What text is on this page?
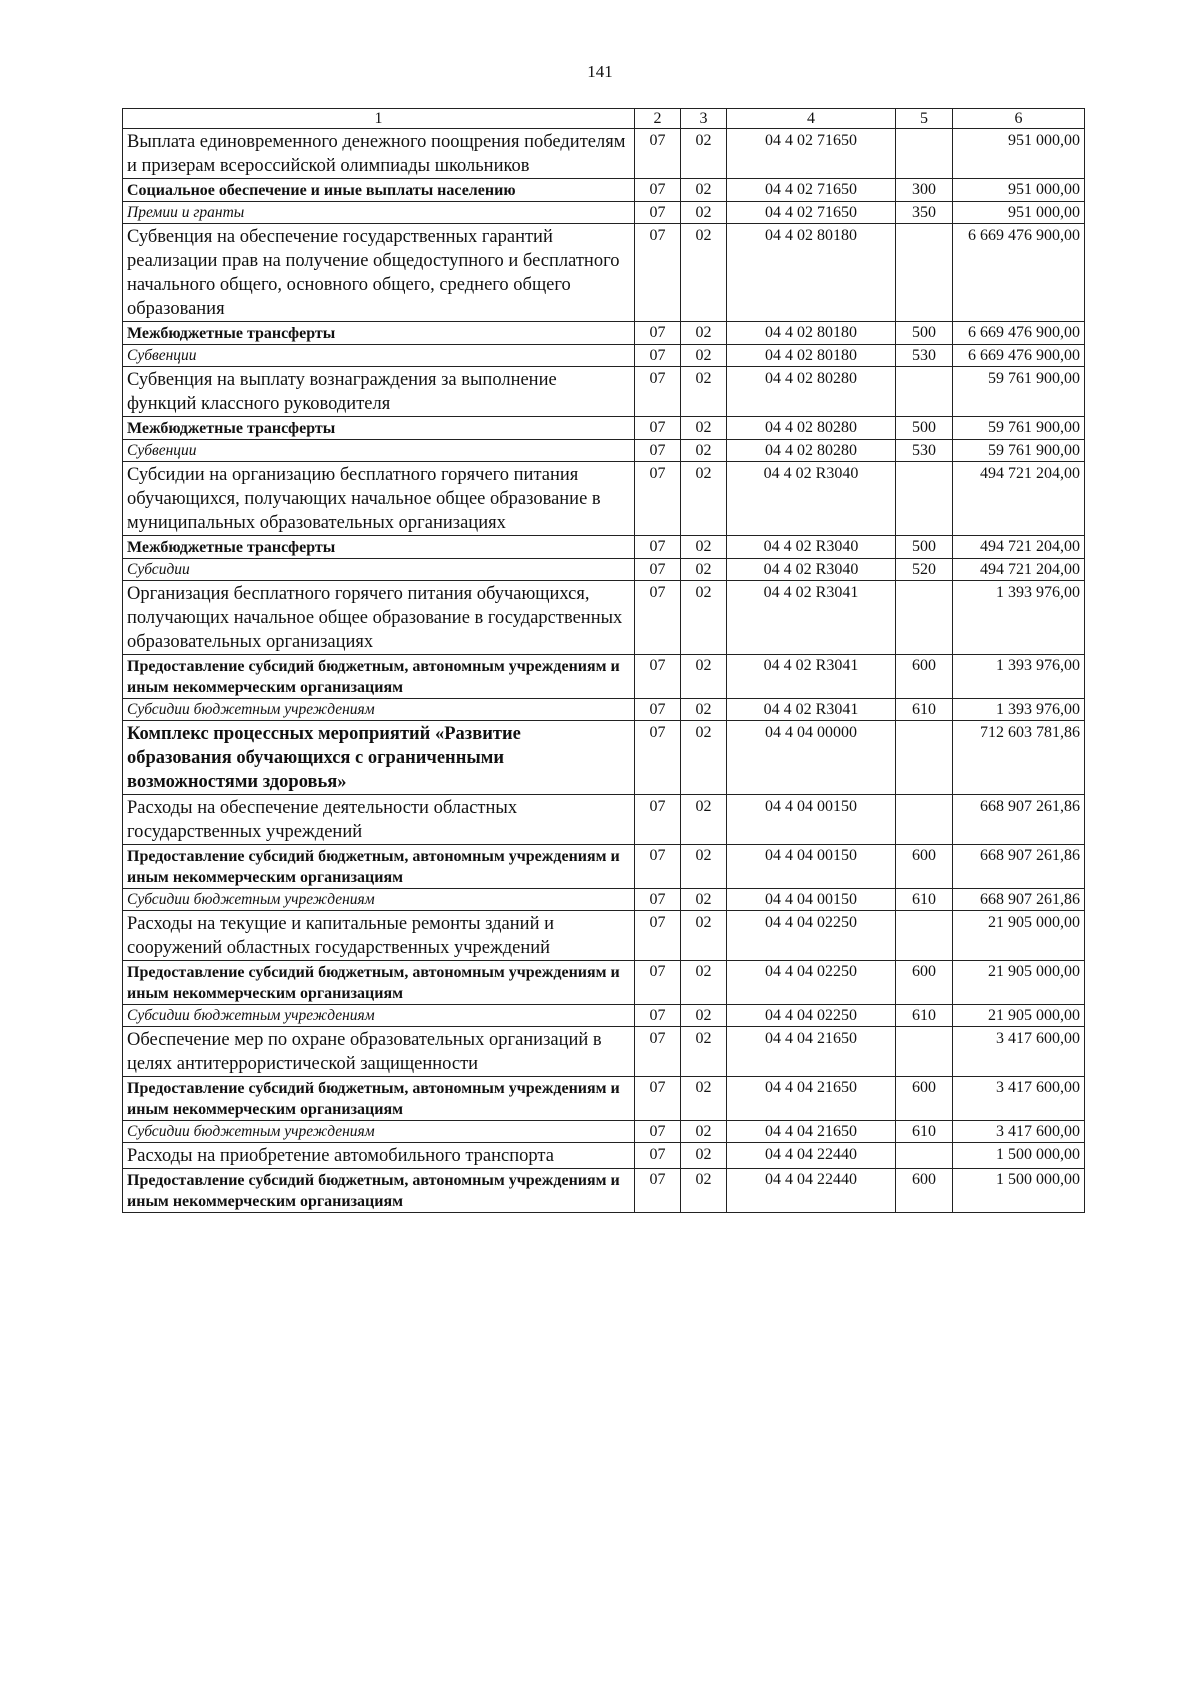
141
1	2	3	4	5	6
Выплата единовременного денежного поощрения победителям и призерам всероссийской олимпиады школьников	07	02	04 4 02 71650		951 000,00
Социальное обеспечение и иные выплаты населению	07	02	04 4 02 71650	300	951 000,00
Премии и гранты	07	02	04 4 02 71650	350	951 000,00
Субвенция на обеспечение государственных гарантий реализации прав на получение общедоступного и бесплатного начального общего, основного общего, среднего общего образования	07	02	04 4 02 80180		6 669 476 900,00
Межбюджетные трансферты	07	02	04 4 02 80180	500	6 669 476 900,00
Субвенции	07	02	04 4 02 80180	530	6 669 476 900,00
Субвенция на выплату вознаграждения за выполнение функций классного руководителя	07	02	04 4 02 80280		59 761 900,00
Межбюджетные трансферты	07	02	04 4 02 80280	500	59 761 900,00
Субвенции	07	02	04 4 02 80280	530	59 761 900,00
Субсидии на организацию бесплатного горячего питания обучающихся, получающих начальное общее образование в муниципальных образовательных организациях	07	02	04 4 02 R3040		494 721 204,00
Межбюджетные трансферты	07	02	04 4 02 R3040	500	494 721 204,00
Субсидии	07	02	04 4 02 R3040	520	494 721 204,00
Организация бесплатного горячего питания обучающихся, получающих начальное общее образование в государственных образовательных организациях	07	02	04 4 02 R3041		1 393 976,00
Предоставление субсидий бюджетным, автономным учреждениям и иным некоммерческим организациям	07	02	04 4 02 R3041	600	1 393 976,00
Субсидии бюджетным учреждениям	07	02	04 4 02 R3041	610	1 393 976,00
Комплекс процессных мероприятий «Развитие образования обучающихся с ограниченными возможностями здоровья»	07	02	04 4 04 00000		712 603 781,86
Расходы на обеспечение деятельности областных государственных учреждений	07	02	04 4 04 00150		668 907 261,86
Предоставление субсидий бюджетным, автономным учреждениям и иным некоммерческим организациям	07	02	04 4 04 00150	600	668 907 261,86
Субсидии бюджетным учреждениям	07	02	04 4 04 00150	610	668 907 261,86
Расходы на текущие и капитальные ремонты зданий и сооружений областных государственных учреждений	07	02	04 4 04 02250		21 905 000,00
Предоставление субсидий бюджетным, автономным учреждениям и иным некоммерческим организациям	07	02	04 4 04 02250	600	21 905 000,00
Субсидии бюджетным учреждениям	07	02	04 4 04 02250	610	21 905 000,00
Обеспечение мер по охране образовательных организаций в целях антитеррористической защищенности	07	02	04 4 04 21650		3 417 600,00
Предоставление субсидий бюджетным, автономным учреждениям и иным некоммерческим организациям	07	02	04 4 04 21650	600	3 417 600,00
Субсидии бюджетным учреждениям	07	02	04 4 04 21650	610	3 417 600,00
Расходы на приобретение автомобильного транспорта	07	02	04 4 04 22440		1 500 000,00
Предоставление субсидий бюджетным, автономным учреждениям и иным некоммерческим организациям	07	02	04 4 04 22440	600	1 500 000,00
